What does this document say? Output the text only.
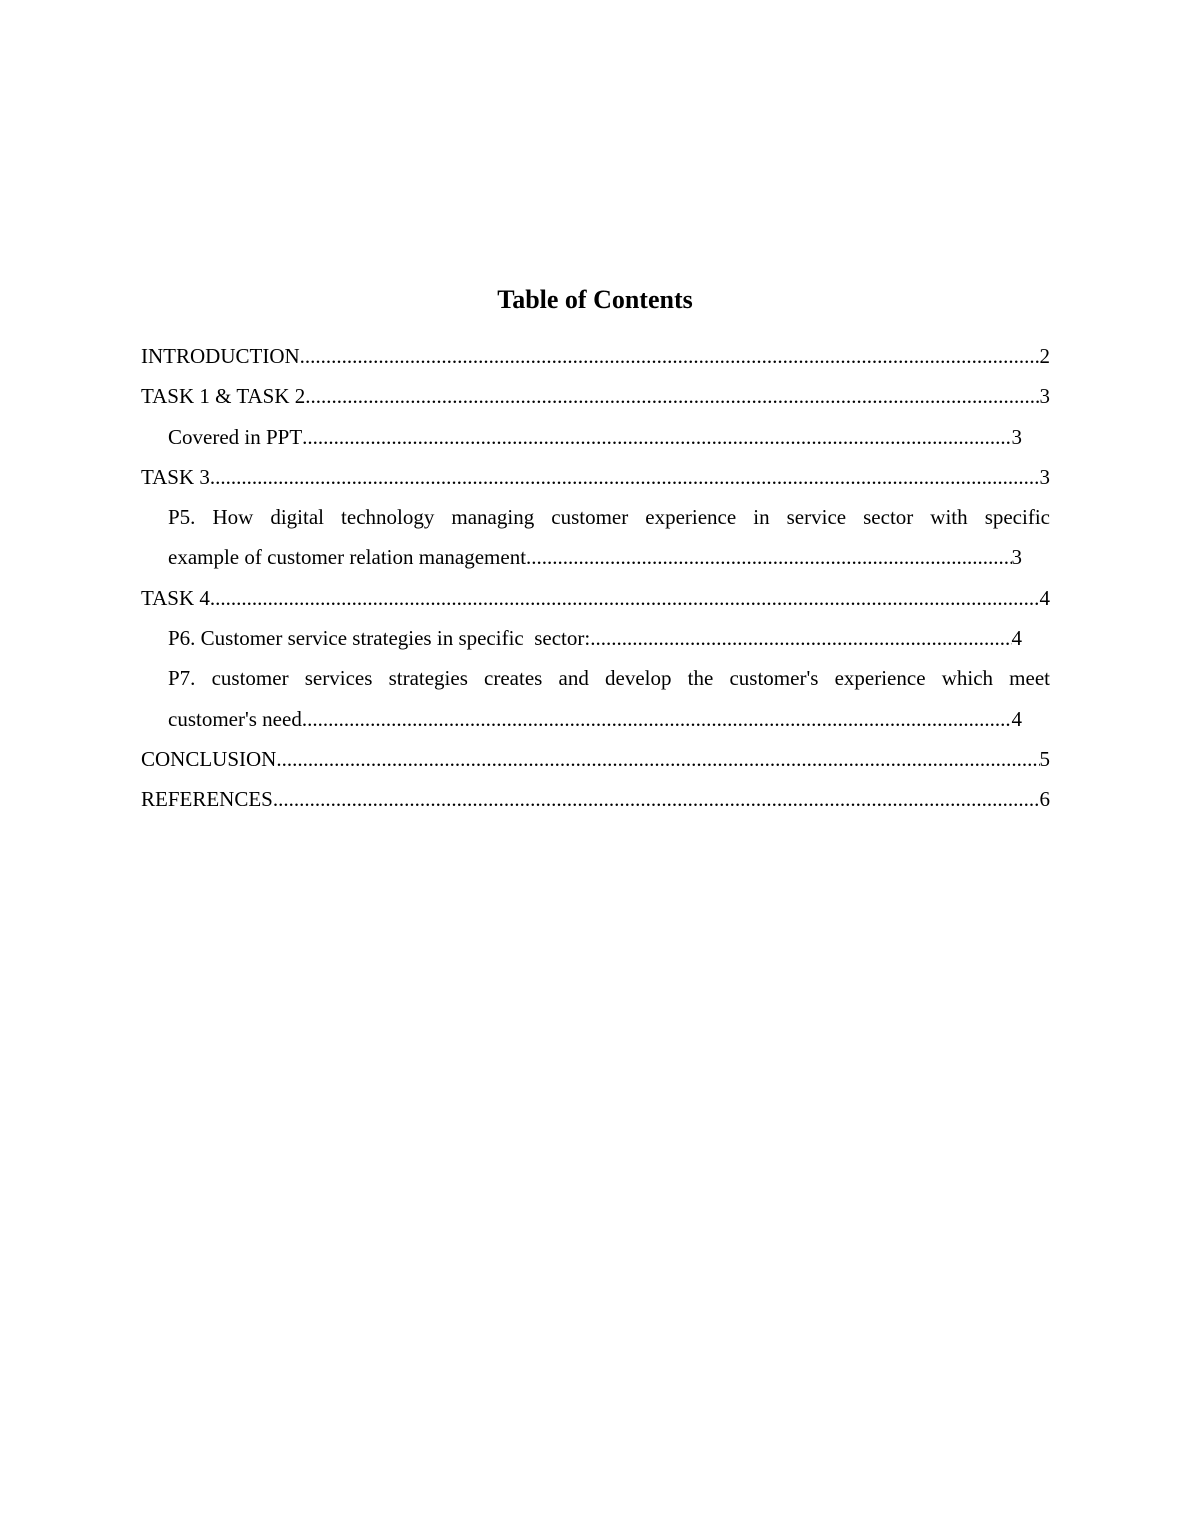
Table of Contents
INTRODUCTION .....	2
TASK 1 & TASK 2 .....	3
Covered in PPT .....	3
TASK 3 .....	3
P5. How digital technology managing customer experience in service sector with specific
example of customer relation management .....	3
TASK 4 .....	4
P6. Customer service strategies in specific  sector: .....	4
P7. customer services strategies creates and develop the customer's experience which meet
customer's need .....	4
CONCLUSION .....	5
REFERENCES .....	6
